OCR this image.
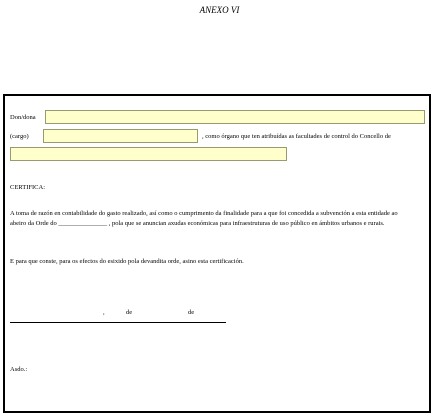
ANEXO VI
Don/dona
(cargo)	, como órgano que ten atribuídas as facultades de control do Concello de
CERTIFICA:
A toma de razón en contabilidade do gasto realizado, así como o cumprimento da finalidade para a que foi concedida a subvención a esta entidade ao
abeiro da Orde do _______________ , pola que se anuncian axudas económicas para infraestruturas de uso público en ámbitos urbanos e rurais.
E para que conste, para os efectos do esixido pola devandita orde, asino esta certificación.
,	de	de
Asdo.:
